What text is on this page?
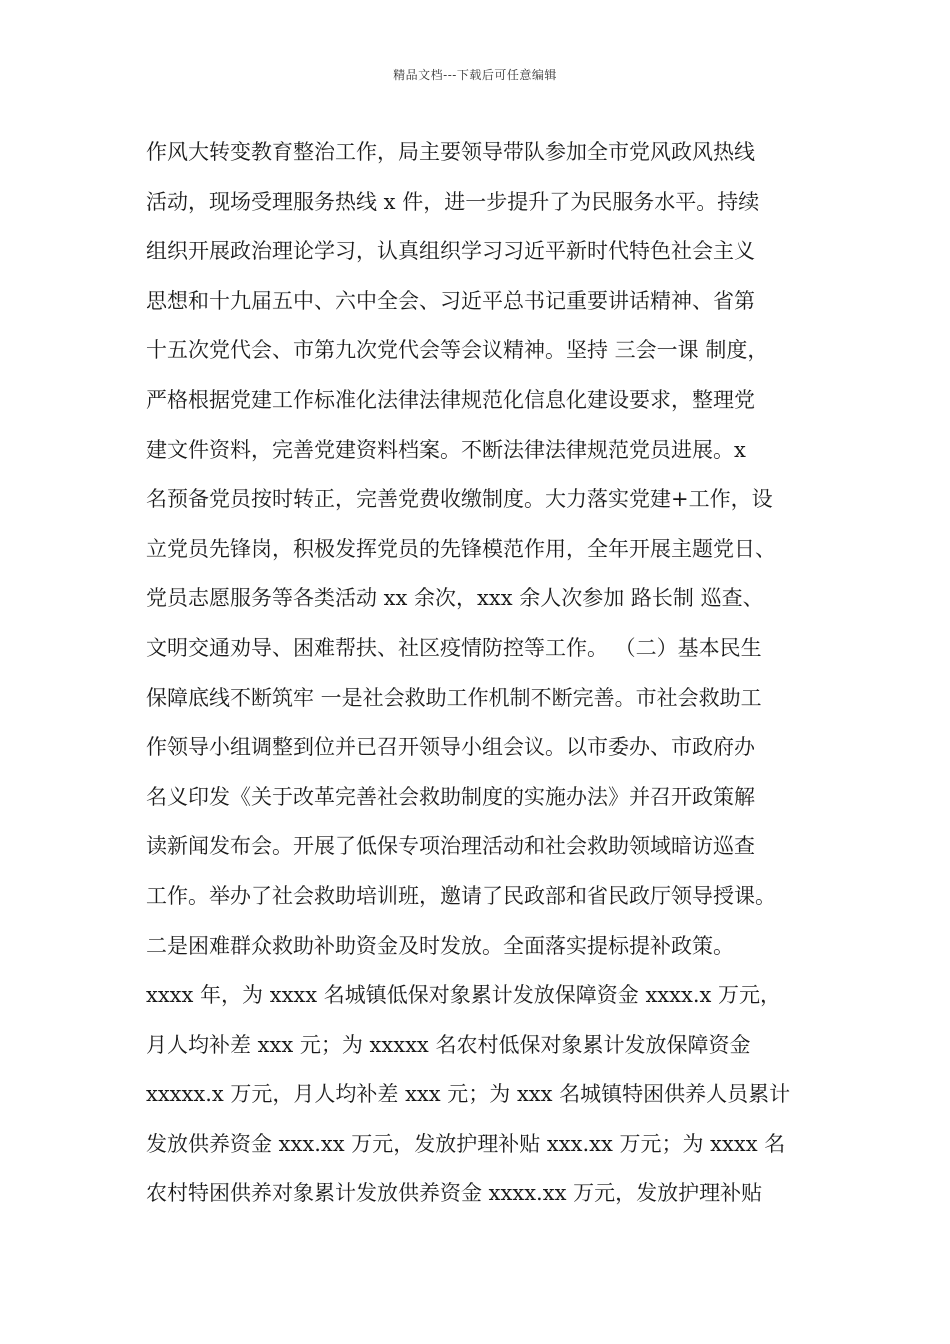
精品文档---下载后可任意编辑
作风大转变教育整治工作，局主要领导带队参加全市党风政风热线
活动，现场受理服务热线 x 件，进一步提升了为民服务水平。持续
组织开展政治理论学习，认真组织学习习近平新时代特色社会主义
思想和十九届五中、六中全会、习近平总书记重要讲话精神、省第
十五次党代会、市第九次党代会等会议精神。坚持 三会一课 制度，
严格根据党建工作标准化法律法律规范化信息化建设要求，整理党
建文件资料，完善党建资料档案。不断法律法律规范党员进展。x
名预备党员按时转正，完善党费收缴制度。大力落实党建+工作，设
立党员先锋岗，积极发挥党员的先锋模范作用，全年开展主题党日、
党员志愿服务等各类活动 xx 余次，xxx 余人次参加 路长制 巡查、
文明交通劝导、困难帮扶、社区疫情防控等工作。 （二）基本民生
保障底线不断筑牢 一是社会救助工作机制不断完善。市社会救助工
作领导小组调整到位并已召开领导小组会议。以市委办、市政府办
名义印发《关于改革完善社会救助制度的实施办法》并召开政策解
读新闻发布会。开展了低保专项治理活动和社会救助领域暗访巡查
工作。举办了社会救助培训班，邀请了民政部和省民政厅领导授课。
二是困难群众救助补助资金及时发放。全面落实提标提补政策。
xxxx 年，为 xxxx 名城镇低保对象累计发放保障资金 xxxx.x 万元，
月人均补差 xxx 元；为 xxxxx 名农村低保对象累计发放保障资金
xxxxx.x 万元，月人均补差 xxx 元；为 xxx 名城镇特困供养人员累计
发放供养资金 xxx.xx 万元，发放护理补贴 xxx.xx 万元；为 xxxx 名
农村特困供养对象累计发放供养资金 xxxx.xx 万元，发放护理补贴
